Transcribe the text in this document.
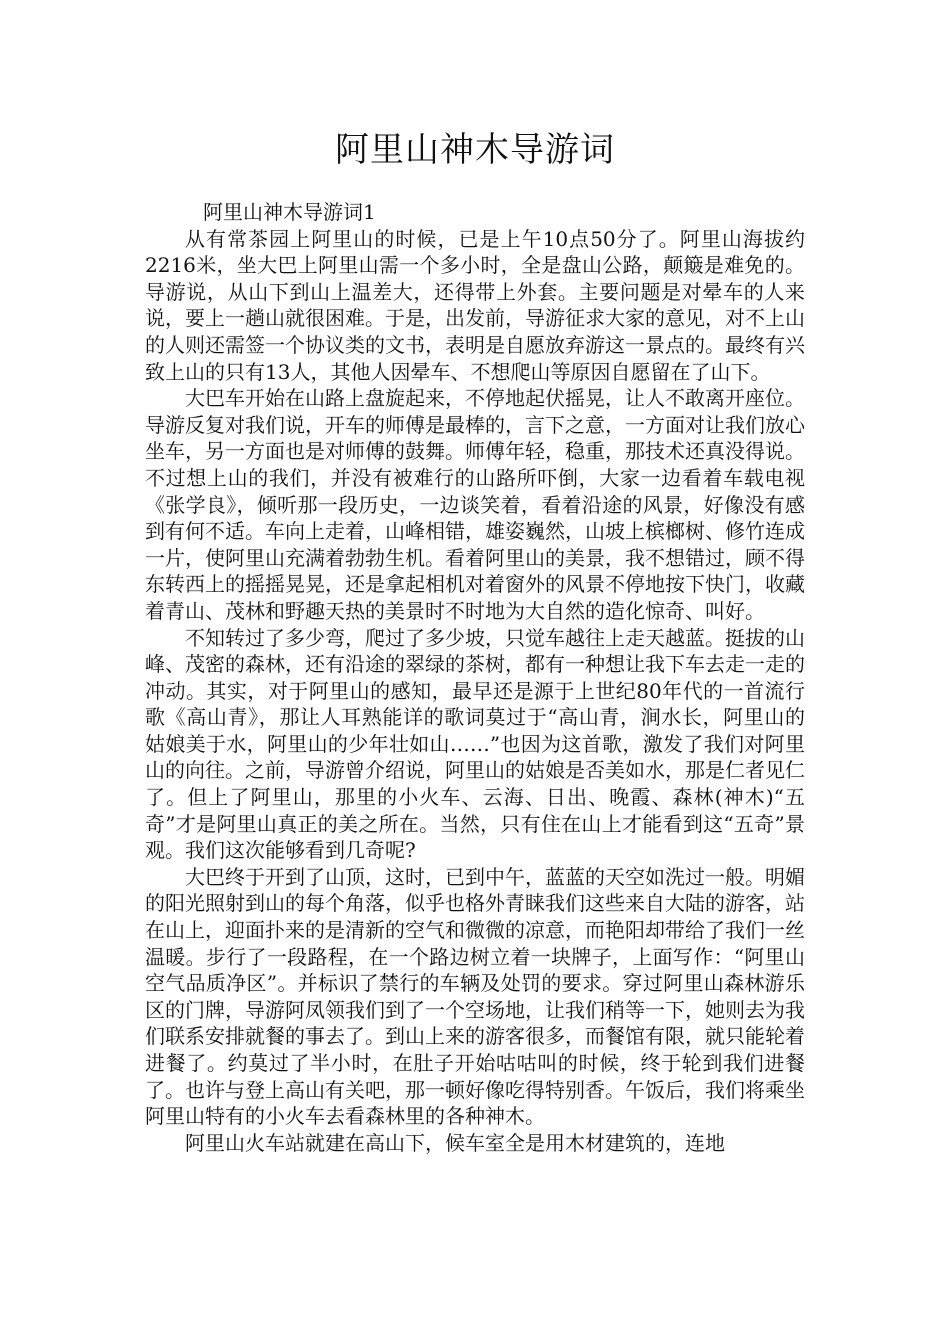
阿里山神木导游词

阿里山神木导游词1

从有常茶园上阿里山的时候，已是上午10点50分了。阿里山海拔约2216米，坐大巴上阿里山需一个多小时，全是盘山公路，颠簸是难免的。导游说，从山下到山上温差大，还得带上外套。主要问题是对晕车的人来说，要上一趟山就很困难。于是，出发前，导游征求大家的意见，对不上山的人则还需签一个协议类的文书，表明是自愿放弃游这一景点的。最终有兴致上山的只有13人，其他人因晕车、不想爬山等原因自愿留在了山下。

大巴车开始在山路上盘旋起来，不停地起伏摇晃，让人不敢离开座位。导游反复对我们说，开车的师傅是最棒的，言下之意，一方面对让我们放心坐车，另一方面也是对师傅的鼓舞。师傅年轻，稳重，那技术还真没得说。不过想上山的我们，并没有被难行的山路所吓倒，大家一边看着车载电视《张学良》，倾听那一段历史，一边谈笑着，看着沿途的风景，好像没有感到有何不适。车向上走着，山峰相错，雄姿巍然，山坡上槟榔树、修竹连成一片，使阿里山充满着勃勃生机。看着阿里山的美景，我不想错过，顾不得东转西上的摇摇晃晃，还是拿起相机对着窗外的风景不停地按下快门，收藏着青山、茂林和野趣天热的美景时不时地为大自然的造化惊奇、叫好。

不知转过了多少弯，爬过了多少坡，只觉车越往上走天越蓝。挺拔的山峰、茂密的森林，还有沿途的翠绿的茶树，都有一种想让我下车去走一走的冲动。其实，对于阿里山的感知，最早还是源于上世纪80年代的一首流行歌《高山青》，那让人耳熟能详的歌词莫过于“高山青，涧水长，阿里山的姑娘美于水，阿里山的少年壮如山……”也因为这首歌，激发了我们对阿里山的向往。之前，导游曾介绍说，阿里山的姑娘是否美如水，那是仁者见仁了。但上了阿里山，那里的小火车、云海、日出、晚霞、森林(神木)“五奇”才是阿里山真正的美之所在。当然，只有住在山上才能看到这“五奇”景观。我们这次能够看到几奇呢?

大巴终于开到了山顶，这时，已到中午，蓝蓝的天空如洗过一般。明媚的阳光照射到山的每个角落，似乎也格外青睐我们这些来自大陆的游客，站在山上，迎面扑来的是清新的空气和微微的凉意，而艳阳却带给了我们一丝温暖。步行了一段路程，在一个路边树立着一块牌子，上面写作：“阿里山空气品质净区”。并标识了禁行的车辆及处罚的要求。穿过阿里山森林游乐区的门牌，导游阿凤领我们到了一个空场地，让我们稍等一下，她则去为我们联系安排就餐的事去了。到山上来的游客很多，而餐馆有限，就只能轮着进餐了。约莫过了半小时，在肚子开始咕咕叫的时候，终于轮到我们进餐了。也许与登上高山有关吧，那一顿好像吃得特别香。午饭后，我们将乘坐阿里山特有的小火车去看森林里的各种神木。

阿里山火车站就建在高山下，候车室全是用木材建筑的，连地
